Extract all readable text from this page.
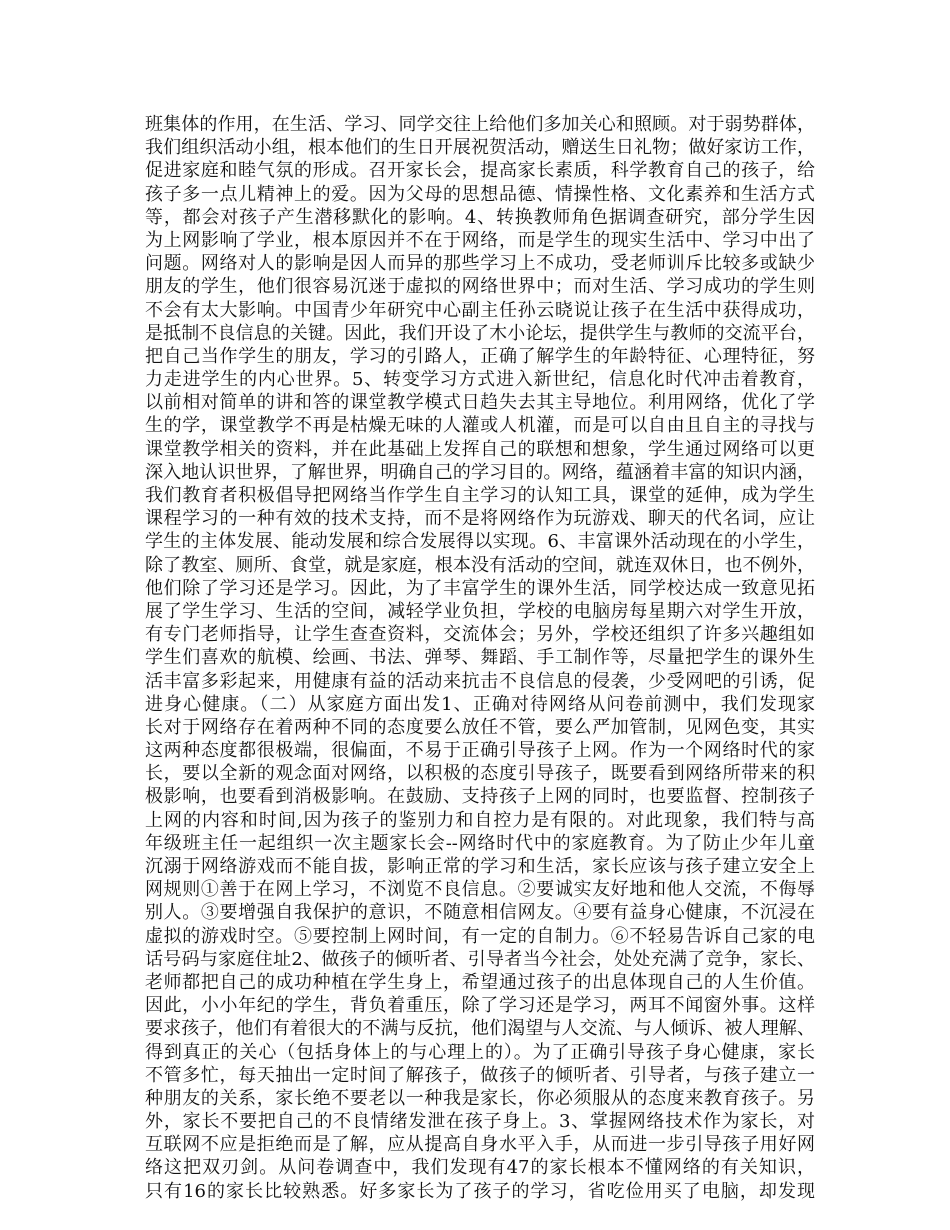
班集体的作用，在生活、学习、同学交往上给他们多加关心和照顾。对于弱势群体，
我们组织活动小组，根本他们的生日开展祝贺活动，赠送生日礼物；做好家访工作，
促进家庭和睦气氛的形成。召开家长会，提高家长素质，科学教育自己的孩子，给
孩子多一点儿精神上的爱。因为父母的思想品德、情操性格、文化素养和生活方式
等，都会对孩子产生潜移默化的影响。4、转换教师角色据调查研究，部分学生因
为上网影响了学业，根本原因并不在于网络，而是学生的现实生活中、学习中出了
问题。网络对人的影响是因人而异的那些学习上不成功，受老师训斥比较多或缺少
朋友的学生，他们很容易沉迷于虚拟的网络世界中；而对生活、学习成功的学生则
不会有太大影响。中国青少年研究中心副主任孙云晓说让孩子在生活中获得成功，
是抵制不良信息的关键。因此，我们开设了木小论坛，提供学生与教师的交流平台，
把自己当作学生的朋友，学习的引路人，正确了解学生的年龄特征、心理特征，努
力走进学生的内心世界。5、转变学习方式进入新世纪，信息化时代冲击着教育，
以前相对简单的讲和答的课堂教学模式日趋失去其主导地位。利用网络，优化了学
生的学，课堂教学不再是枯燥无味的人灌或人机灌，而是可以自由且自主的寻找与
课堂教学相关的资料，并在此基础上发挥自己的联想和想象，学生通过网络可以更
深入地认识世界，了解世界，明确自己的学习目的。网络，蕴涵着丰富的知识内涵，
我们教育者积极倡导把网络当作学生自主学习的认知工具，课堂的延伸，成为学生
课程学习的一种有效的技术支持，而不是将网络作为玩游戏、聊天的代名词，应让
学生的主体发展、能动发展和综合发展得以实现。6、丰富课外活动现在的小学生，
除了教室、厕所、食堂，就是家庭，根本没有活动的空间，就连双休日，也不例外，
他们除了学习还是学习。因此，为了丰富学生的课外生活，同学校达成一致意见拓
展了学生学习、生活的空间，减轻学业负担，学校的电脑房每星期六对学生开放，
有专门老师指导，让学生查查资料，交流体会；另外，学校还组织了许多兴趣组如
学生们喜欢的航模、绘画、书法、弹琴、舞蹈、手工制作等，尽量把学生的课外生
活丰富多彩起来，用健康有益的活动来抗击不良信息的侵袭，少受网吧的引诱，促
进身心健康。（二）从家庭方面出发1、正确对待网络从问卷前测中，我们发现家
长对于网络存在着两种不同的态度要么放任不管，要么严加管制，见网色变，其实
这两种态度都很极端，很偏面，不易于正确引导孩子上网。作为一个网络时代的家
长，要以全新的观念面对网络，以积极的态度引导孩子，既要看到网络所带来的积
极影响，也要看到消极影响。在鼓励、支持孩子上网的同时，也要监督、控制孩子
上网的内容和时间,因为孩子的鉴别力和自控力是有限的。对此现象，我们特与高
年级班主任一起组织一次主题家长会--网络时代中的家庭教育。为了防止少年儿童
沉溺于网络游戏而不能自拔，影响正常的学习和生活，家长应该与孩子建立安全上
网规则①善于在网上学习，不浏览不良信息。②要诚实友好地和他人交流，不侮辱
别人。③要增强自我保护的意识，不随意相信网友。④要有益身心健康，不沉浸在
虚拟的游戏时空。⑤要控制上网时间，有一定的自制力。⑥不轻易告诉自己家的电
话号码与家庭住址2、做孩子的倾听者、引导者当今社会，处处充满了竞争，家长、
老师都把自己的成功种植在学生身上，希望通过孩子的出息体现自己的人生价值。
因此，小小年纪的学生，背负着重压，除了学习还是学习，两耳不闻窗外事。这样
要求孩子，他们有着很大的不满与反抗，他们渴望与人交流、与人倾诉、被人理解、
得到真正的关心（包括身体上的与心理上的）。为了正确引导孩子身心健康，家长
不管多忙，每天抽出一定时间了解孩子，做孩子的倾听者、引导者，与孩子建立一
种朋友的关系，家长绝不要老以一种我是家长，你必须服从的态度来教育孩子。另
外，家长不要把自己的不良情绪发泄在孩子身上。3、掌握网络技术作为家长，对
互联网不应是拒绝而是了解，应从提高自身水平入手，从而进一步引导孩子用好网
络这把双刃剑。从问卷调查中，我们发现有47的家长根本不懂网络的有关知识，
只有16的家长比较熟悉。好多家长为了孩子的学习，省吃俭用买了电脑，却发现
